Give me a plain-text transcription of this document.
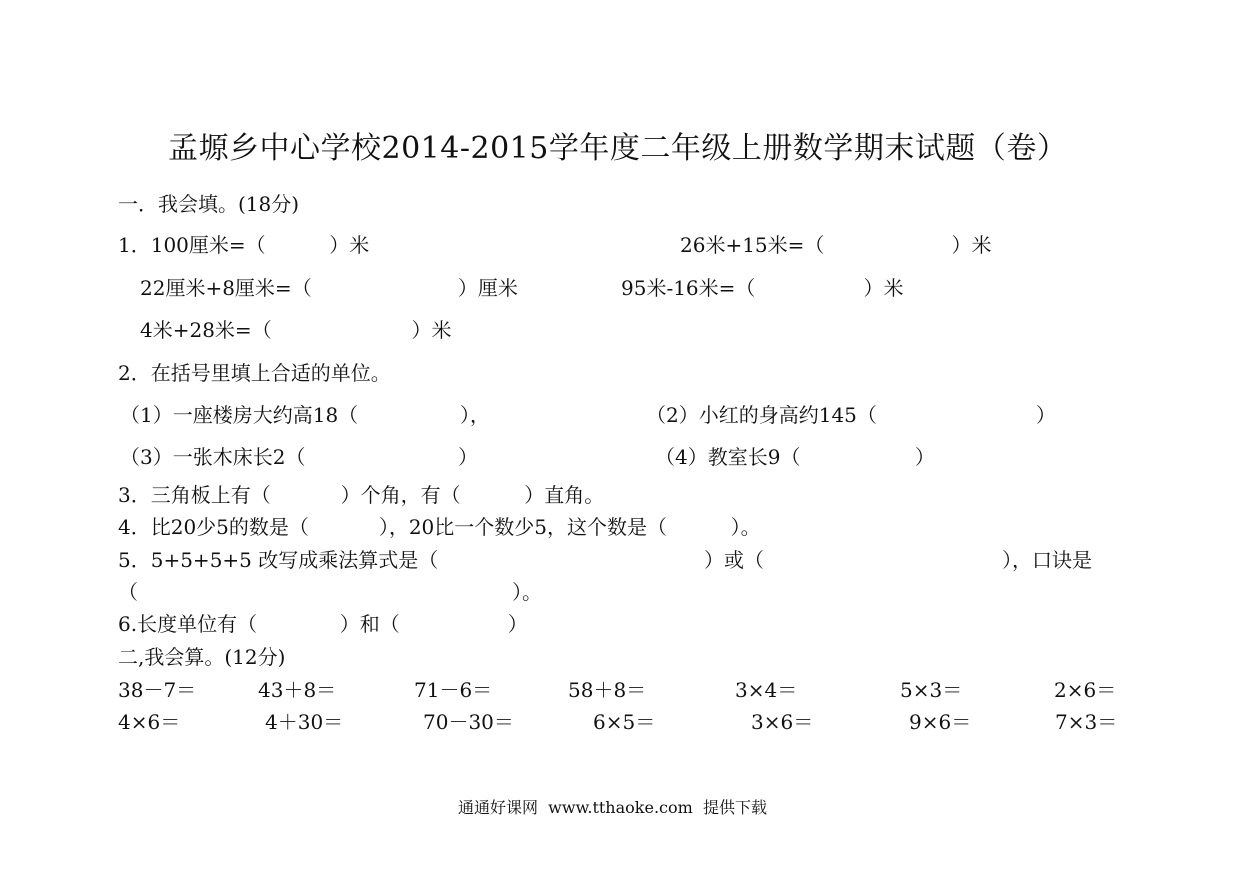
孟塬乡中心学校2014-2015学年度二年级上册数学期末试题（卷）
一．我会填。(18分)
1．100厘米=（          ）米	26米+15米=（                    ）米
22厘米+8厘米=（                       ）厘米	95米-16米=（                 ）米
4米+28米=（                      ）米
2．在括号里填上合适的单位。
（1）一座楼房大约高18（                ），	（2）小红的身高约145（                         ）
（3）一张木床长2（                        ）	（4）教室长9（                  ）
3．三角板上有（           ）个角，有（          ）直角。
4．比20少5的数是（           ），20比一个数少5，这个数是（          ）。
5．5+5+5+5 改写成乘法算式是（	）或（	），口诀是
（	）。
6.长度单位有（             ）和（                 ）
二,我会算。(12分)
38－7＝	43＋8＝	71－6＝	58＋8＝	3×4＝	5×3＝	2×6＝
4×6＝	4＋30＝	70－30＝	6×5＝	3×6＝	9×6＝	7×3＝
通通好课网  www.tthaoke.com  提供下载
